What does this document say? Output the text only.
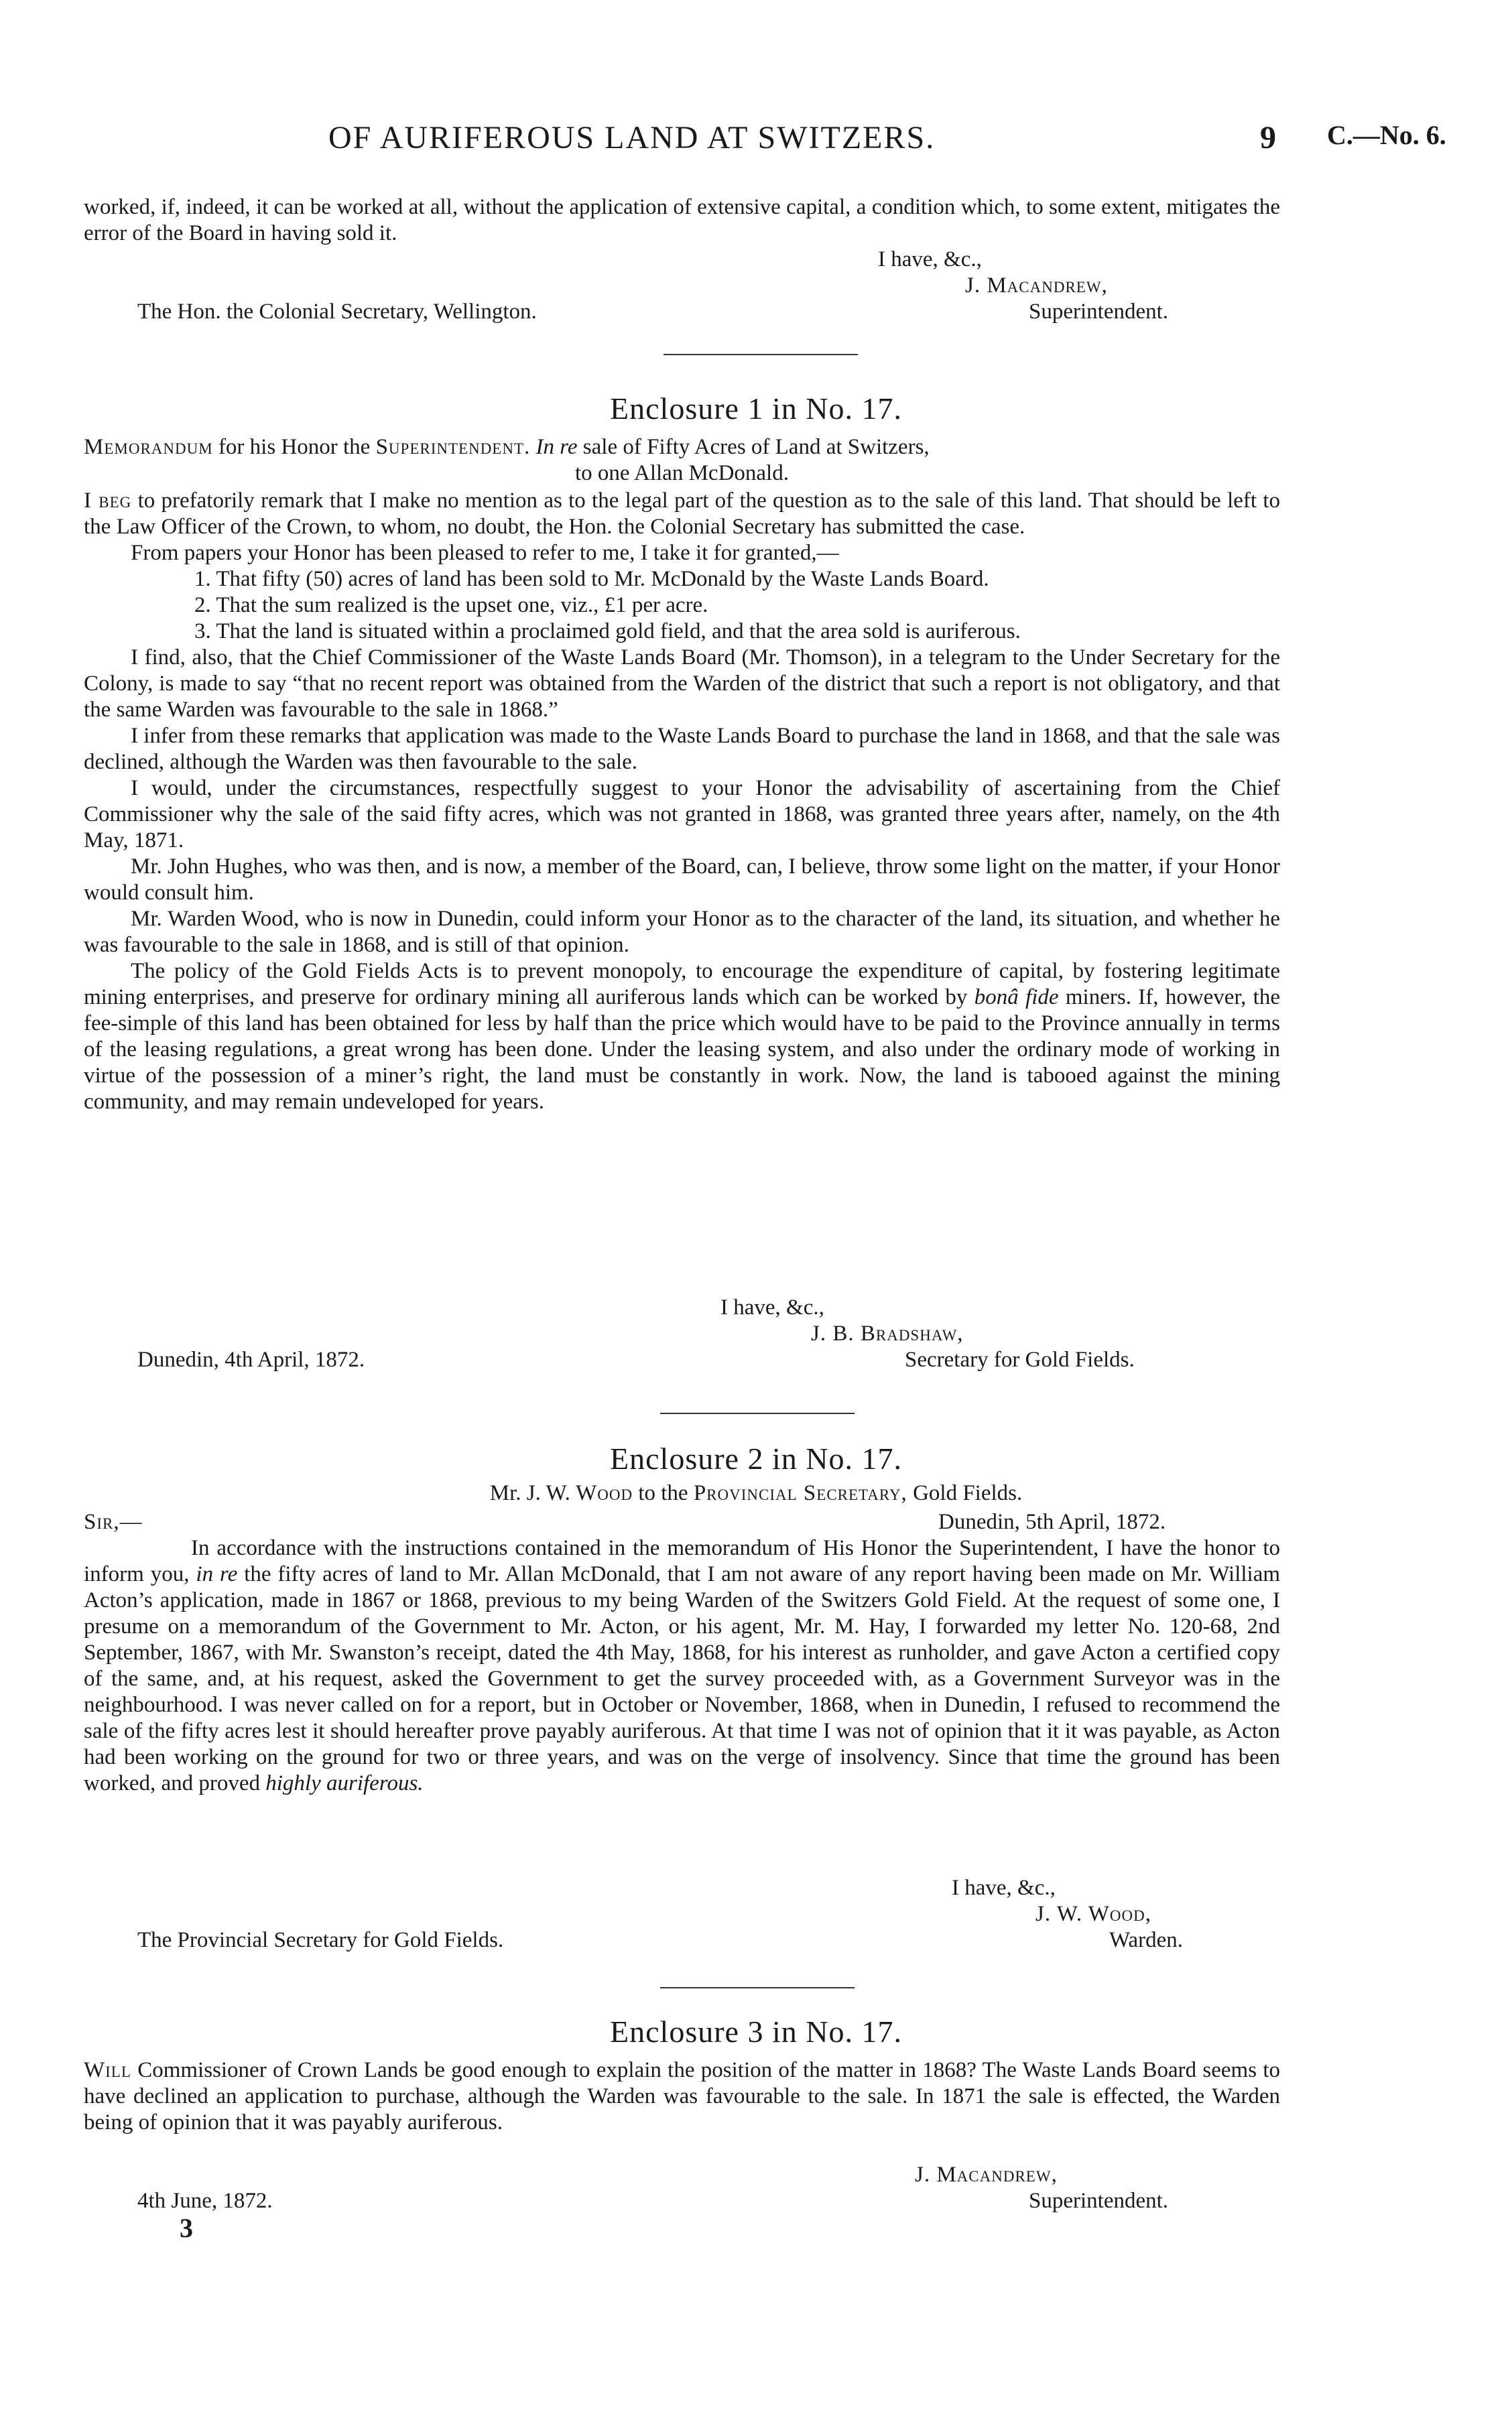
OF AURIFEROUS LAND AT SWITZERS.	9 C.—No. 6.

worked, if, indeed, it can be worked at all, without the application of extensive capital, a condition which, to some extent, mitigates the error of the Board in having sold it.

I have, &c.,
J. Macandrew,
Superintendent.
The Hon. the Colonial Secretary, Wellington.
Enclosure 1 in No. 17.

Memorandum for his Honor the Superintendent. In re sale of Fifty Acres of Land at Switzers,

to one Allan McDonald.

I beg to prefatorily remark that I make no mention as to the legal part of the question as to the sale of this land. That should be left to the Law Officer of the Crown, to whom, no doubt, the Hon. the Colonial Secretary has submitted the case.

From papers your Honor has been pleased to refer to me, I take it for granted,—

1. That fifty (50) acres of land has been sold to Mr. McDonald by the Waste Lands Board.

2. That the sum realized is the upset one, viz., £1 per acre.

3. That the land is situated within a proclaimed gold field, and that the area sold is auriferous.

I find, also, that the Chief Commissioner of the Waste Lands Board (Mr. Thomson), in a telegram to the Under Secretary for the Colony, is made to say “that no recent report was obtained from the Warden of the district that such a report is not obligatory, and that the same Warden was favourable to the sale in 1868.”

I infer from these remarks that application was made to the Waste Lands Board to purchase the land in 1868, and that the sale was declined, although the Warden was then favourable to the sale.

I would, under the circumstances, respectfully suggest to your Honor the advisability of ascertaining from the Chief Commissioner why the sale of the said fifty acres, which was not granted in 1868, was granted three years after, namely, on the 4th May, 1871.

Mr. John Hughes, who was then, and is now, a member of the Board, can, I believe, throw some light on the matter, if your Honor would consult him.

Mr. Warden Wood, who is now in Dunedin, could inform your Honor as to the character of the land, its situation, and whether he was favourable to the sale in 1868, and is still of that opinion.

The policy of the Gold Fields Acts is to prevent monopoly, to encourage the expenditure of capital, by fostering legitimate mining enterprises, and preserve for ordinary mining all auriferous lands which can be worked by bonâ fide miners. If, however, the fee-simple of this land has been obtained for less by half than the price which would have to be paid to the Province annually in terms of the leasing regulations, a great wrong has been done. Under the leasing system, and also under the ordinary mode of working in virtue of the possession of a miner’s right, the land must be constantly in work. Now, the land is tabooed against the mining community, and may remain undeveloped for years.

I have, &c.,
J. B. Bradshaw,
Secretary for Gold Fields.
Dunedin, 4th April, 1872.
Enclosure 2 in No. 17.
Mr. J. W. Wood to the Provincial Secretary, Gold Fields.
Sir,—	Dunedin, 5th April, 1872.

In accordance with the instructions contained in the memorandum of His Honor the Superintendent, I have the honor to inform you, in re the fifty acres of land to Mr. Allan McDonald, that I am not aware of any report having been made on Mr. William Acton’s application, made in 1867 or 1868, previous to my being Warden of the Switzers Gold Field. At the request of some one, I presume on a memorandum of the Government to Mr. Acton, or his agent, Mr. M. Hay, I forwarded my letter No. 120-68, 2nd September, 1867, with Mr. Swanston’s receipt, dated the 4th May, 1868, for his interest as runholder, and gave Acton a certified copy of the same, and, at his request, asked the Government to get the survey proceeded with, as a Government Surveyor was in the neighbourhood. I was never called on for a report, but in October or November, 1868, when in Dunedin, I refused to recommend the sale of the fifty acres lest it should hereafter prove payably auriferous. At that time I was not of opinion that it it was payable, as Acton had been working on the ground for two or three years, and was on the verge of insolvency. Since that time the ground has been worked, and proved highly auriferous.

I have, &c.,
J. W. Wood,
Warden.
The Provincial Secretary for Gold Fields.
Enclosure 3 in No. 17.

Will Commissioner of Crown Lands be good enough to explain the position of the matter in 1868? The Waste Lands Board seems to have declined an application to purchase, although the Warden was favourable to the sale. In 1871 the sale is effected, the Warden being of opinion that it was payably auriferous.

J. Macandrew,
Superintendent.
4th June, 1872.
3
